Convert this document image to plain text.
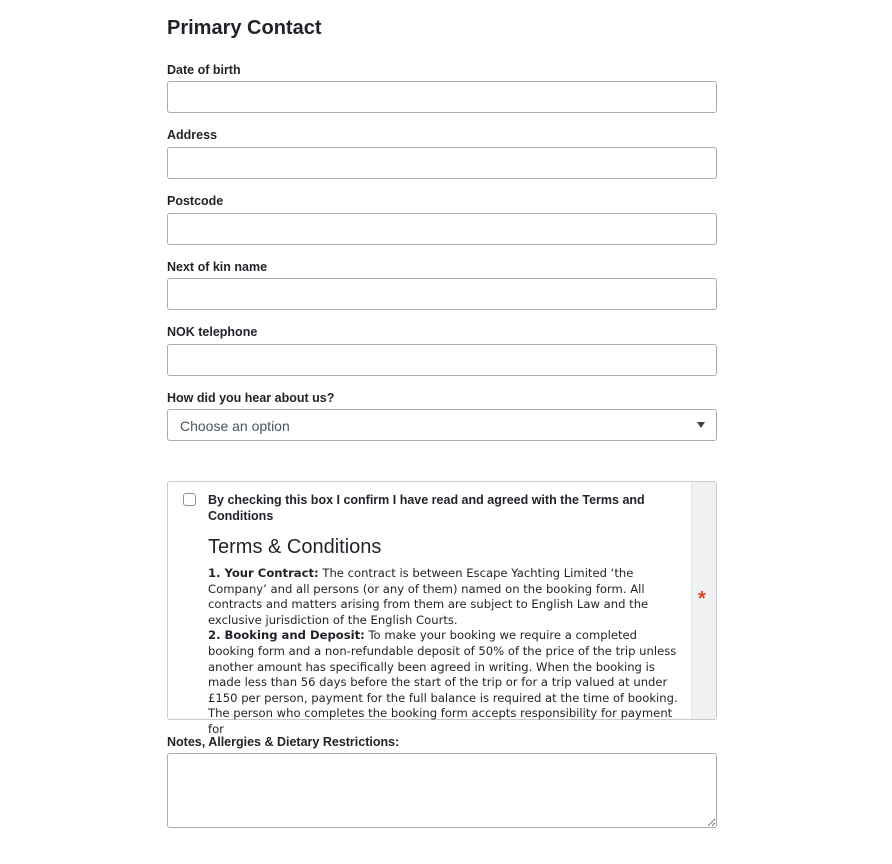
Primary Contact
Date of birth
Address
Postcode
Next of kin name
NOK telephone
How did you hear about us?
Choose an option
By checking this box I confirm I have read and agreed with the Terms and Conditions
Terms & Conditions

1. Your Contract: The contract is between Escape Yachting Limited ‘the Company’ and all persons (or any of them) named on the booking form. All contracts and matters arising from them are subject to English Law and the exclusive jurisdiction of the English Courts.

2. Booking and Deposit: To make your booking we require a completed booking form and a non-refundable deposit of 50% of the price of the trip unless another amount has specifically been agreed in writing. When the booking is made less than 56 days before the start of the trip or for a trip valued at under £150 per person, payment for the full balance is required at the time of booking. The person who completes the booking form accepts responsibility for payment for

*
Notes, Allergies & Dietary Restrictions:
